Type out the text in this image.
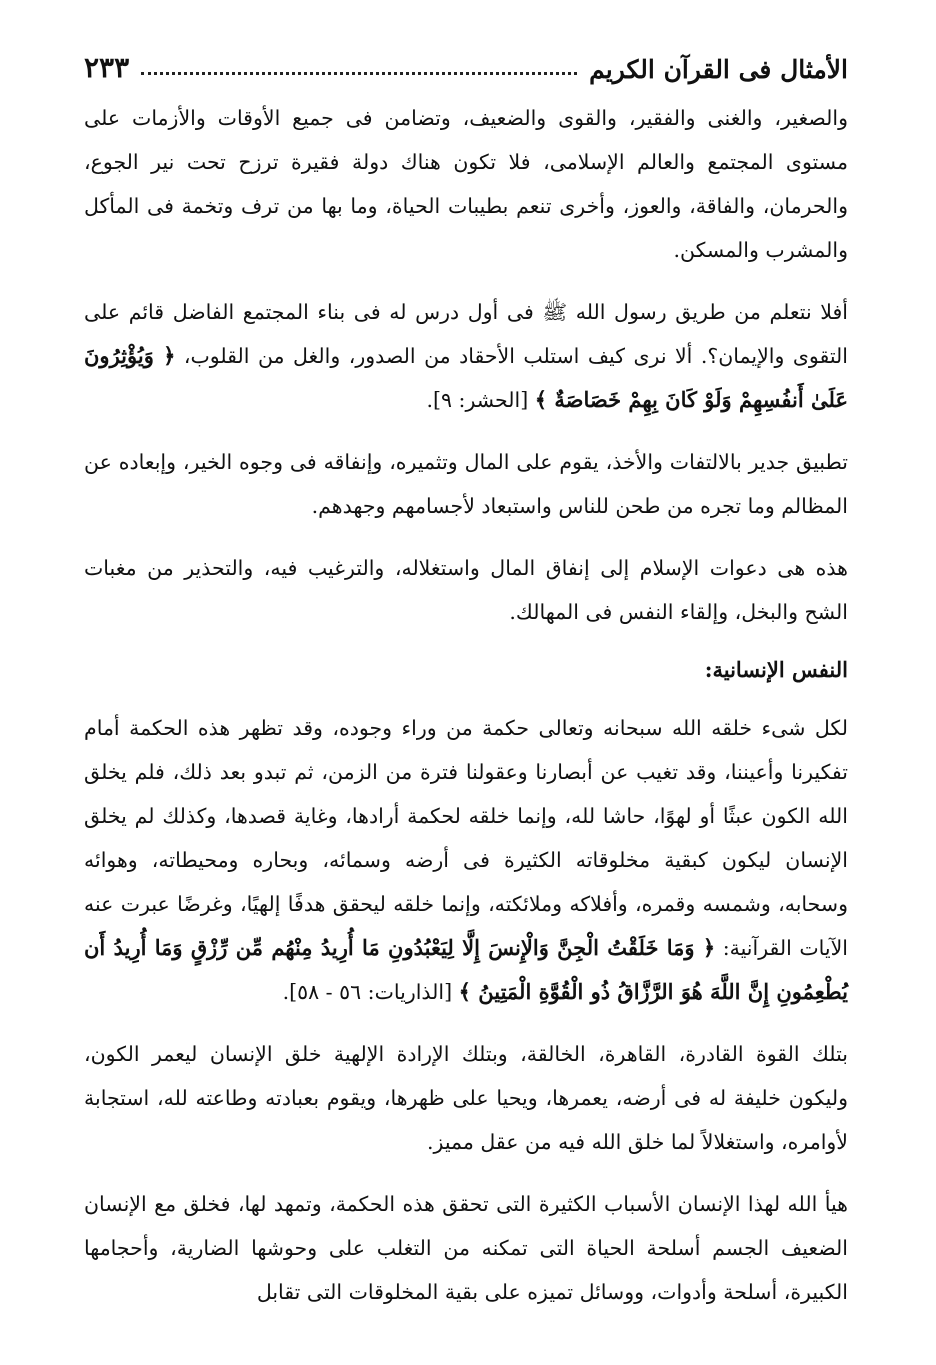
الأمثال فى القرآن الكريم
٢٣٣

والصغير، والغنى والفقير، والقوى والضعيف، وتضامن فى جميع الأوقات والأزمات على مستوى المجتمع والعالم الإسلامى، فلا تكون هناك دولة فقيرة ترزح تحت نير الجوع، والحرمان، والفاقة، والعوز، وأخرى تنعم بطيبات الحياة، وما بها من ترف وتخمة فى المأكل والمشرب والمسكن.

أفلا نتعلم من طريق رسول الله ﷺ فى أول درس له فى بناء المجتمع الفاضل قائم على التقوى والإيمان؟. ألا نرى كيف استلب الأحقاد من الصدور، والغل من القلوب، ﴿ وَيُؤْثِرُونَ عَلَىٰ أَنفُسِهِمْ وَلَوْ كَانَ بِهِمْ خَصَاصَةٌ ﴾ [الحشر: ٩].

تطبيق جدير بالالتفات والأخذ، يقوم على المال وتثميره، وإنفاقه فى وجوه الخير، وإبعاده عن المظالم وما تجره من طحن للناس واستبعاد لأجسامهم وجهدهم.

هذه هى دعوات الإسلام إلى إنفاق المال واستغلاله، والترغيب فيه، والتحذير من مغبات الشح والبخل، وإلقاء النفس فى المهالك.

النفس الإنسانية:

لكل شىء خلقه الله سبحانه وتعالى حكمة من وراء وجوده، وقد تظهر هذه الحكمة أمام تفكيرنا وأعيننا، وقد تغيب عن أبصارنا وعقولنا فترة من الزمن، ثم تبدو بعد ذلك، فلم يخلق الله الكون عبثًا أو لهوًا، حاشا لله، وإنما خلقه لحكمة أرادها، وغاية قصدها، وكذلك لم يخلق الإنسان ليكون كبقية مخلوقاته الكثيرة فى أرضه وسمائه، وبحاره ومحيطاته، وهوائه وسحابه، وشمسه وقمره، وأفلاكه وملائكته، وإنما خلقه ليحقق هدفًا إلهيًا، وغرضًا عبرت عنه الآيات القرآنية: ﴿ وَمَا خَلَقْتُ الْجِنَّ وَالْإِنسَ إِلَّا لِيَعْبُدُونِ مَا أُرِيدُ مِنْهُم مِّن رِّزْقٍ وَمَا أُرِيدُ أَن يُطْعِمُونِ إِنَّ اللَّهَ هُوَ الرَّزَّاقُ ذُو الْقُوَّةِ الْمَتِينُ ﴾ [الذاريات: ٥٦ - ٥٨].

بتلك القوة القادرة، القاهرة، الخالقة، وبتلك الإرادة الإلهية خلق الإنسان ليعمر الكون، وليكون خليفة له فى أرضه، يعمرها، ويحيا على ظهرها، ويقوم بعبادته وطاعته لله، استجابة لأوامره، واستغلالاً لما خلق الله فيه من عقل مميز.

هيأ الله لهذا الإنسان الأسباب الكثيرة التى تحقق هذه الحكمة، وتمهد لها، فخلق مع الإنسان الضعيف الجسم أسلحة الحياة التى تمكنه من التغلب على وحوشها الضارية، وأحجامها الكبيرة، أسلحة وأدوات، ووسائل تميزه على بقية المخلوقات التى تقابل
